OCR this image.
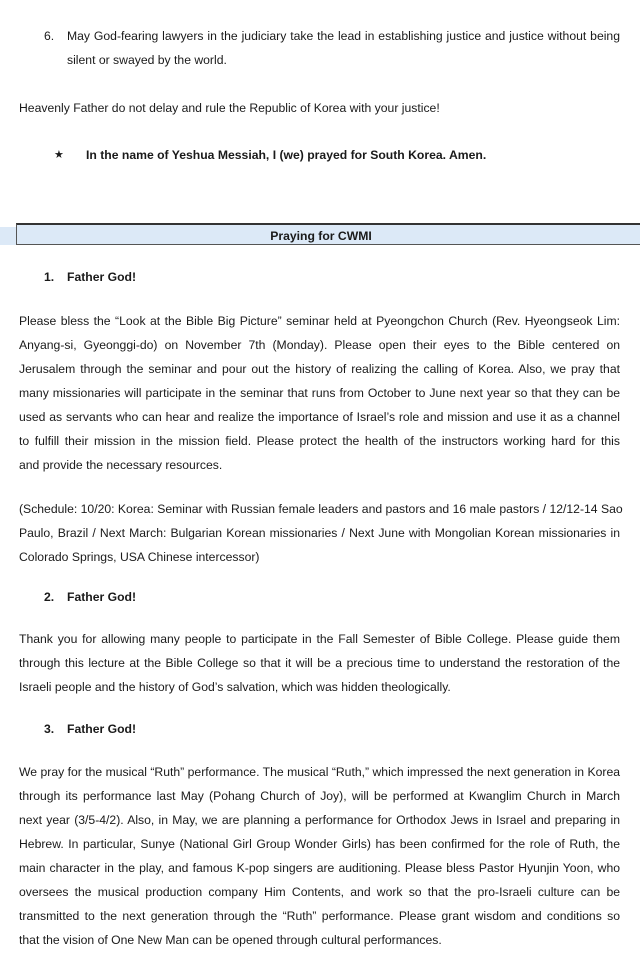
6. May God-fearing lawyers in the judiciary take the lead in establishing justice and justice without being
silent or swayed by the world.
Heavenly Father do not delay and rule the Republic of Korea with your justice!
★ In the name of Yeshua Messiah, I (we) prayed for South Korea. Amen.
Praying for CWMI
1. Father God!
Please bless the “Look at the Bible Big Picture” seminar held at Pyeongchon Church (Rev. Hyeongseok Lim:
Anyang-si, Gyeonggi-do) on November 7th (Monday). Please open their eyes to the Bible centered on
Jerusalem through the seminar and pour out the history of realizing the calling of Korea. Also, we pray that
many missionaries will participate in the seminar that runs from October to June next year so that they can be
used as servants who can hear and realize the importance of Israel’s role and mission and use it as a channel
to fulfill their mission in the mission field. Please protect the health of the instructors working hard for this
and provide the necessary resources.
(Schedule: 10/20: Korea: Seminar with Russian female leaders and pastors and 16 male pastors / 12/12-14 Sao
Paulo, Brazil / Next March: Bulgarian Korean missionaries / Next June with Mongolian Korean missionaries in
Colorado Springs, USA Chinese intercessor)
2. Father God!
Thank you for allowing many people to participate in the Fall Semester of Bible College. Please guide them
through this lecture at the Bible College so that it will be a precious time to understand the restoration of the
Israeli people and the history of God’s salvation, which was hidden theologically.
3. Father God!
We pray for the musical “Ruth” performance. The musical “Ruth,” which impressed the next generation in Korea
through its performance last May (Pohang Church of Joy), will be performed at Kwanglim Church in March
next year (3/5-4/2). Also, in May, we are planning a performance for Orthodox Jews in Israel and preparing in
Hebrew. In particular, Sunye (National Girl Group Wonder Girls) has been confirmed for the role of Ruth, the
main character in the play, and famous K-pop singers are auditioning. Please bless Pastor Hyunjin Yoon, who
oversees the musical production company Him Contents, and work so that the pro-Israeli culture can be
transmitted to the next generation through the “Ruth” performance. Please grant wisdom and conditions so
that the vision of One New Man can be opened through cultural performances.
